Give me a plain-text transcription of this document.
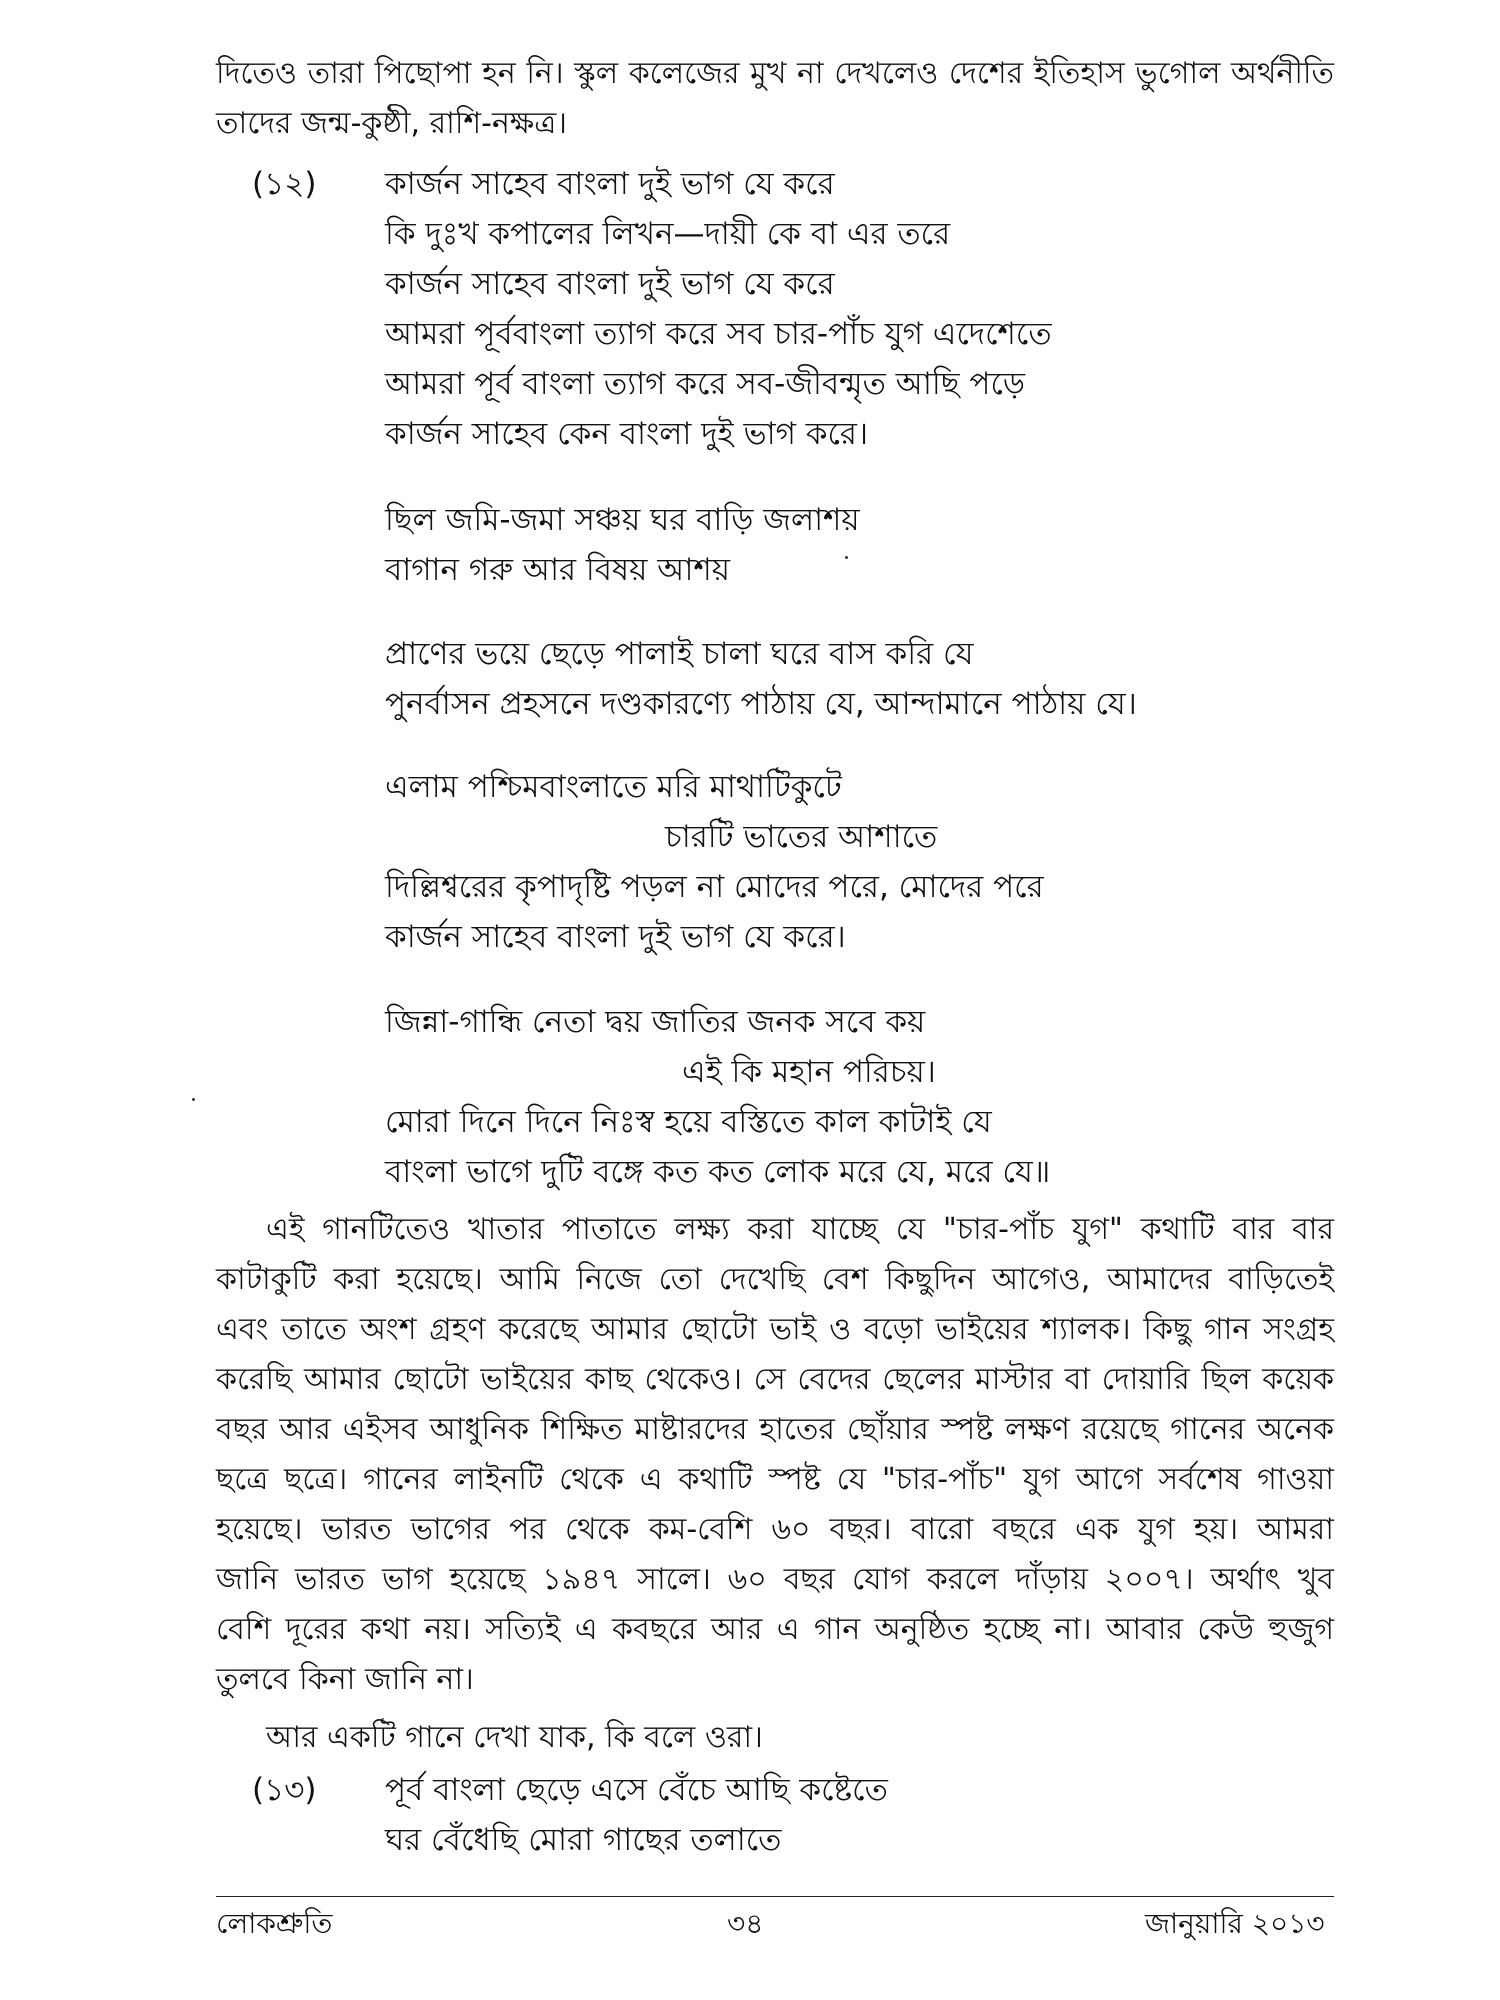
দিতেও তারা পিছোপা হন নি। স্কুল কলেজের মুখ না দেখলেও দেশের ইতিহাস ভুগোল অর্থনীতি
তাদের জন্ম-কুষ্ঠী, রাশি-নক্ষত্র।
(১২) কার্জন সাহেব বাংলা দুই ভাগ যে করে
কি দুঃখ কপালের লিখন—দায়ী কে বা এর তরে
কার্জন সাহেব বাংলা দুই ভাগ যে করে
আমরা পূর্ববাংলা ত্যাগ করে সব চার-পাঁচ যুগ এদেশেতে
আমরা পূর্ব বাংলা ত্যাগ করে সব-জীবন্মৃত আছি পড়ে
কার্জন সাহেব কেন বাংলা দুই ভাগ করে।
ছিল জমি-জমা সঞ্চয় ঘর বাড়ি জলাশয়
বাগান গরু আর বিষয় আশয়
প্রাণের ভয়ে ছেড়ে পালাই চালা ঘরে বাস করি যে
পুনর্বাসন প্রহসনে দণ্ডকারণ্যে পাঠায় যে, আন্দামানে পাঠায় যে।
এলাম পশ্চিমবাংলাতে মরি মাথাটিকুটে
চারটি ভাতের আশাতে
দিল্লিশ্বরের কৃপাদৃষ্টি পড়ল না মোদের পরে, মোদের পরে
কার্জন সাহেব বাংলা দুই ভাগ যে করে।
জিন্না-গান্ধি নেতা দ্বয় জাতির জনক সবে কয়
এই কি মহান পরিচয়।
মোরা দিনে দিনে নিঃস্ব হয়ে বস্তিতে কাল কাটাই যে
বাংলা ভাগে দুটি বঙ্গে কত কত লোক মরে যে, মরে যে॥
এই গানটিতেও খাতার পাতাতে লক্ষ্য করা যাচ্ছে যে "চার-পাঁচ যুগ" কথাটি বার বার
কাটাকুটি করা হয়েছে। আমি নিজে তো দেখেছি বেশ কিছুদিন আগেও, আমাদের বাড়িতেই
এবং তাতে অংশ গ্রহণ করেছে আমার ছোটো ভাই ও বড়ো ভাইয়ের শ্যালক। কিছু গান সংগ্রহ
করেছি আমার ছোটো ভাইয়ের কাছ থেকেও। সে বেদের ছেলের মাস্টার বা দোয়ারি ছিল কয়েক
বছর আর এইসব আধুনিক শিক্ষিত মাষ্টারদের হাতের ছোঁয়ার স্পষ্ট লক্ষণ রয়েছে গানের অনেক
ছত্রে ছত্রে। গানের লাইনটি থেকে এ কথাটি স্পষ্ট যে "চার-পাঁচ" যুগ আগে সর্বশেষ গাওয়া
হয়েছে। ভারত ভাগের পর থেকে কম-বেশি ৬০ বছর। বারো বছরে এক যুগ হয়। আমরা
জানি ভারত ভাগ হয়েছে ১৯৪৭ সালে। ৬০ বছর যোগ করলে দাঁড়ায় ২০০৭। অর্থাৎ খুব
বেশি দূরের কথা নয়। সত্যিই এ কবছরে আর এ গান অনুষ্ঠিত হচ্ছে না। আবার কেউ হুজুগ
তুলবে কিনা জানি না।
আর একটি গানে দেখা যাক, কি বলে ওরা।
(১৩) পূর্ব বাংলা ছেড়ে এসে বেঁচে আছি কষ্টেতে
ঘর বেঁধেছি মোরা গাছের তলাতে
লোকশ্রুতি	৩৪	জানুয়ারি ২০১৩
